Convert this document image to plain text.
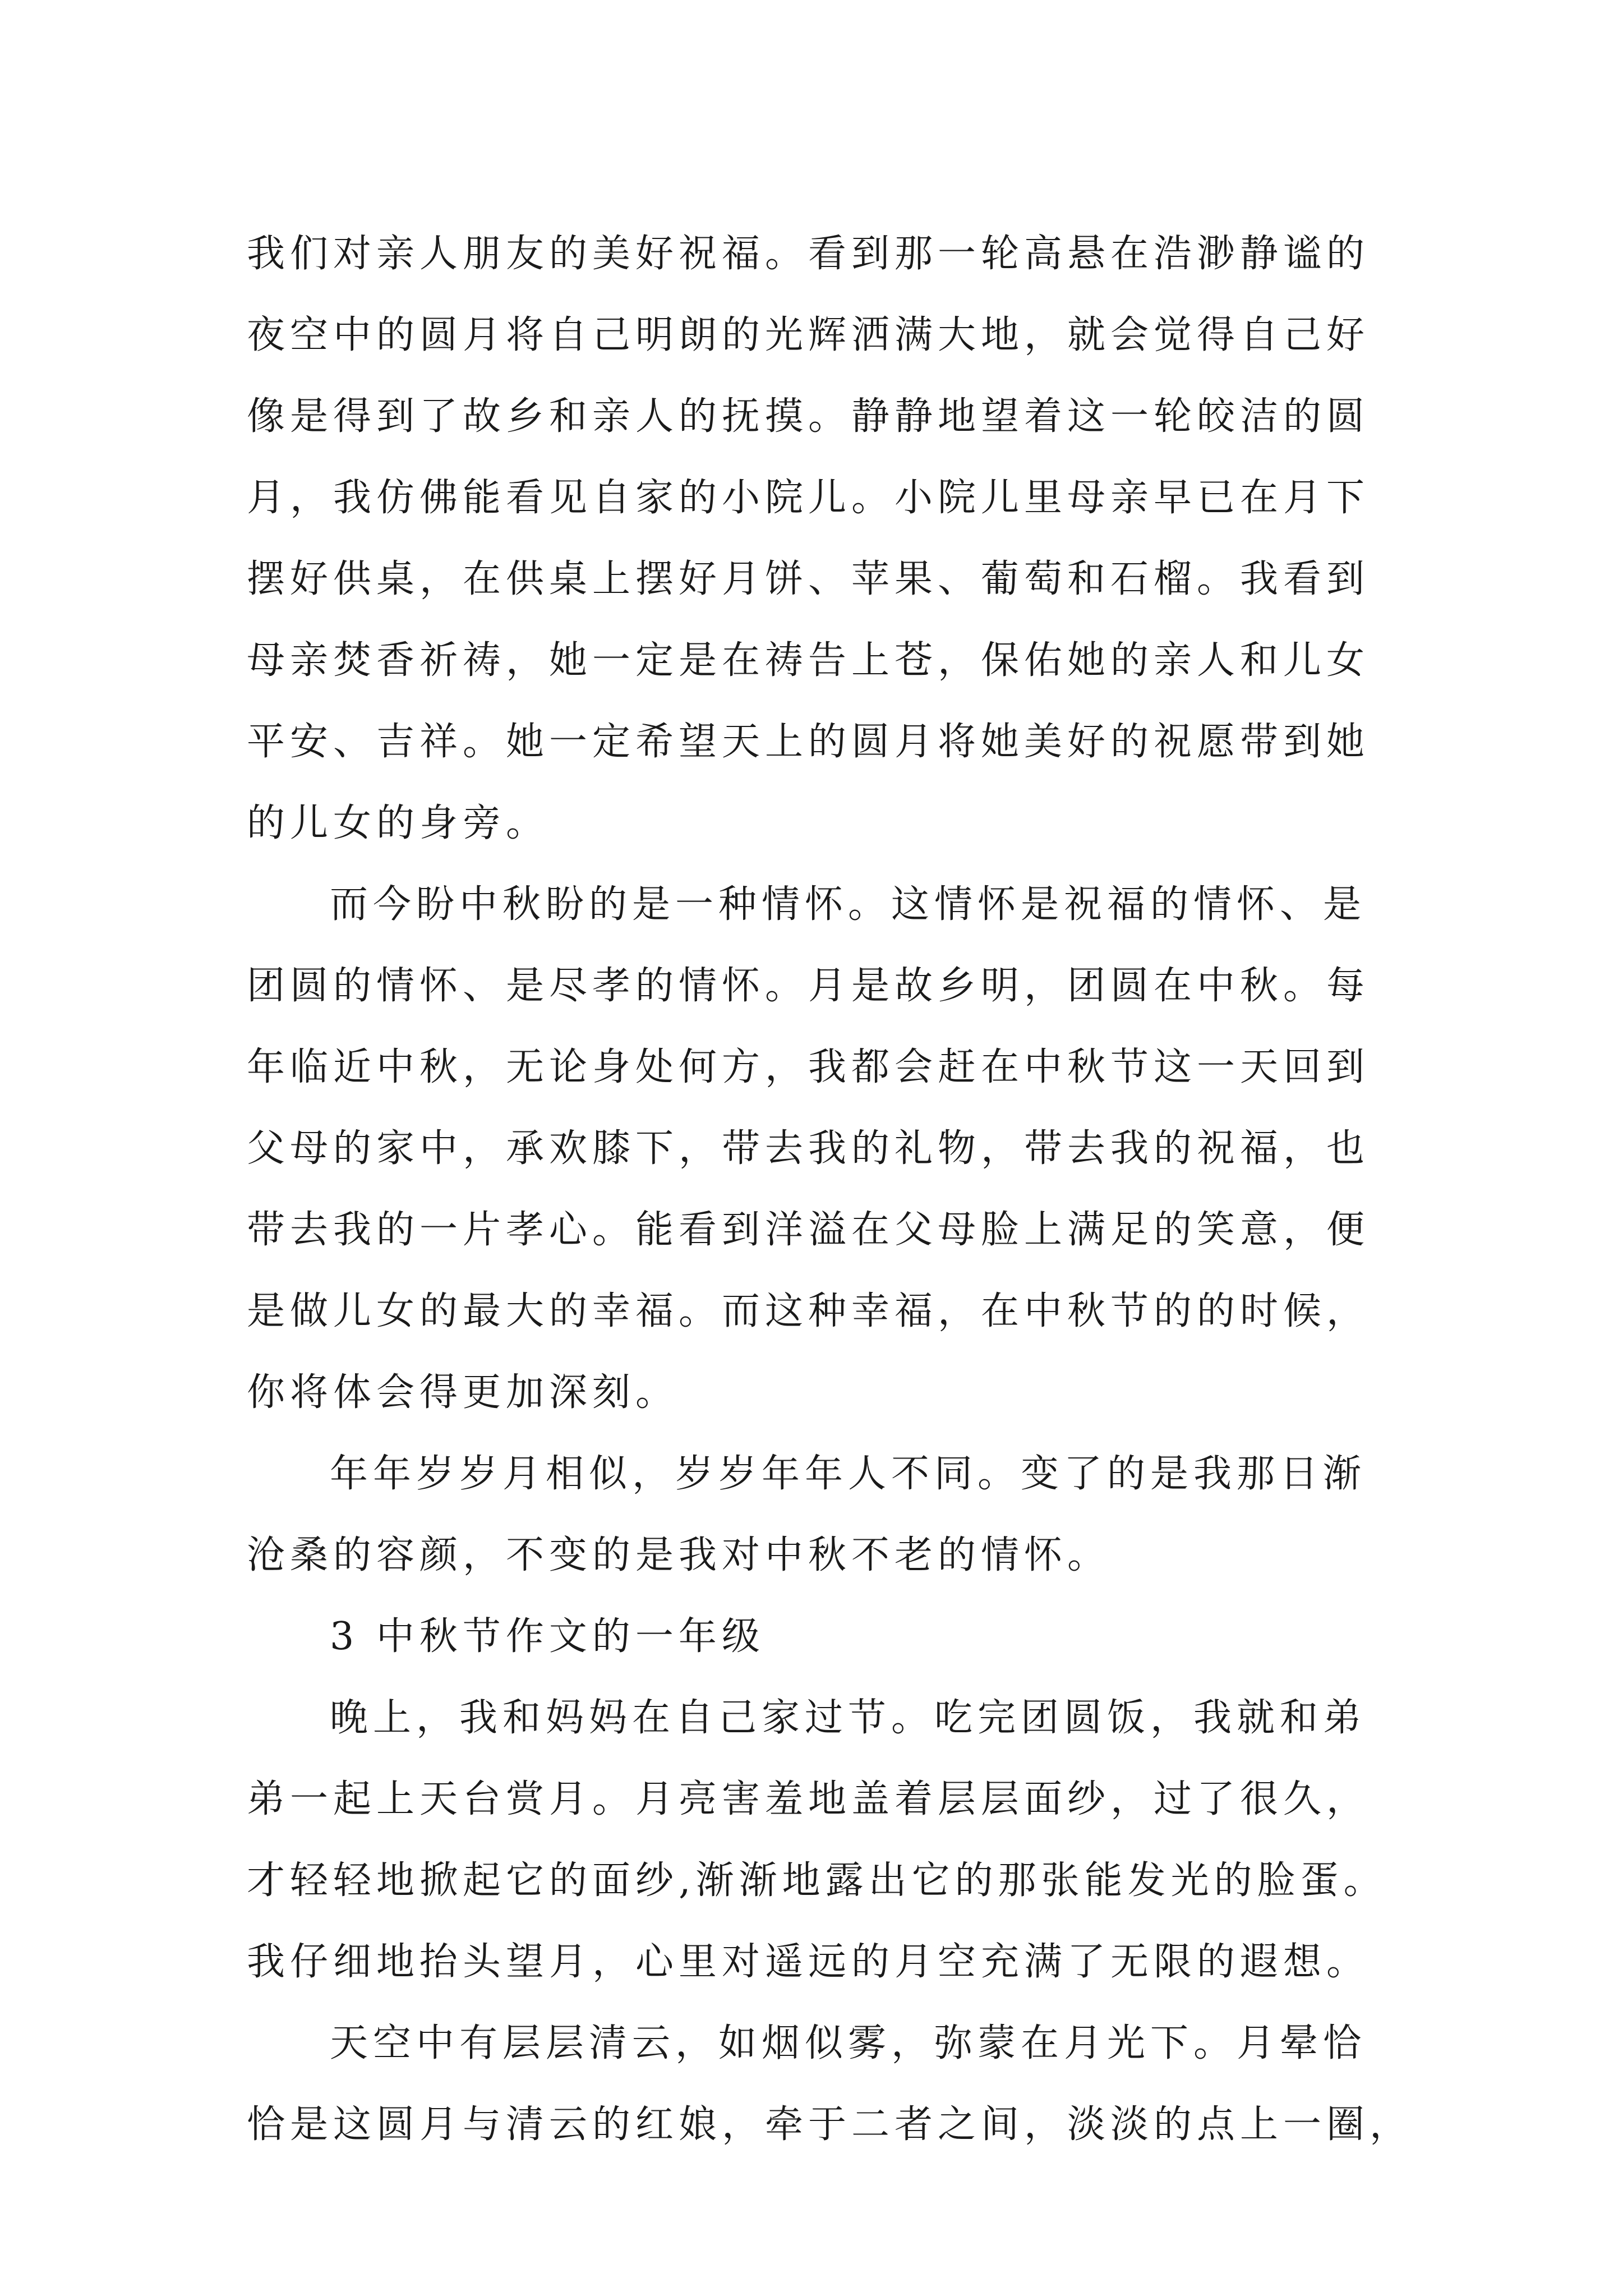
我们对亲人朋友的美好祝福。看到那一轮高悬在浩渺静谧的
夜空中的圆月将自己明朗的光辉洒满大地，就会觉得自己好
像是得到了故乡和亲人的抚摸。静静地望着这一轮皎洁的圆
月，我仿佛能看见自家的小院儿。小院儿里母亲早已在月下
摆好供桌，在供桌上摆好月饼、苹果、葡萄和石榴。我看到
母亲焚香祈祷，她一定是在祷告上苍，保佑她的亲人和儿女
平安、吉祥。她一定希望天上的圆月将她美好的祝愿带到她
的儿女的身旁。
而今盼中秋盼的是一种情怀。这情怀是祝福的情怀、是
团圆的情怀、是尽孝的情怀。月是故乡明，团圆在中秋。每
年临近中秋，无论身处何方，我都会赶在中秋节这一天回到
父母的家中，承欢膝下，带去我的礼物，带去我的祝福，也
带去我的一片孝心。能看到洋溢在父母脸上满足的笑意，便
是做儿女的最大的幸福。而这种幸福，在中秋节的的时候，
你将体会得更加深刻。
年年岁岁月相似，岁岁年年人不同。变了的是我那日渐
沧桑的容颜，不变的是我对中秋不老的情怀。
3 中秋节作文的一年级
晚上，我和妈妈在自己家过节。吃完团圆饭，我就和弟
弟一起上天台赏月。月亮害羞地盖着层层面纱，过了很久，
才轻轻地掀起它的面纱,渐渐地露出它的那张能发光的脸蛋。
我仔细地抬头望月，心里对遥远的月空充满了无限的遐想。
天空中有层层清云，如烟似雾，弥蒙在月光下。月晕恰
恰是这圆月与清云的红娘，牵于二者之间，淡淡的点上一圈，
